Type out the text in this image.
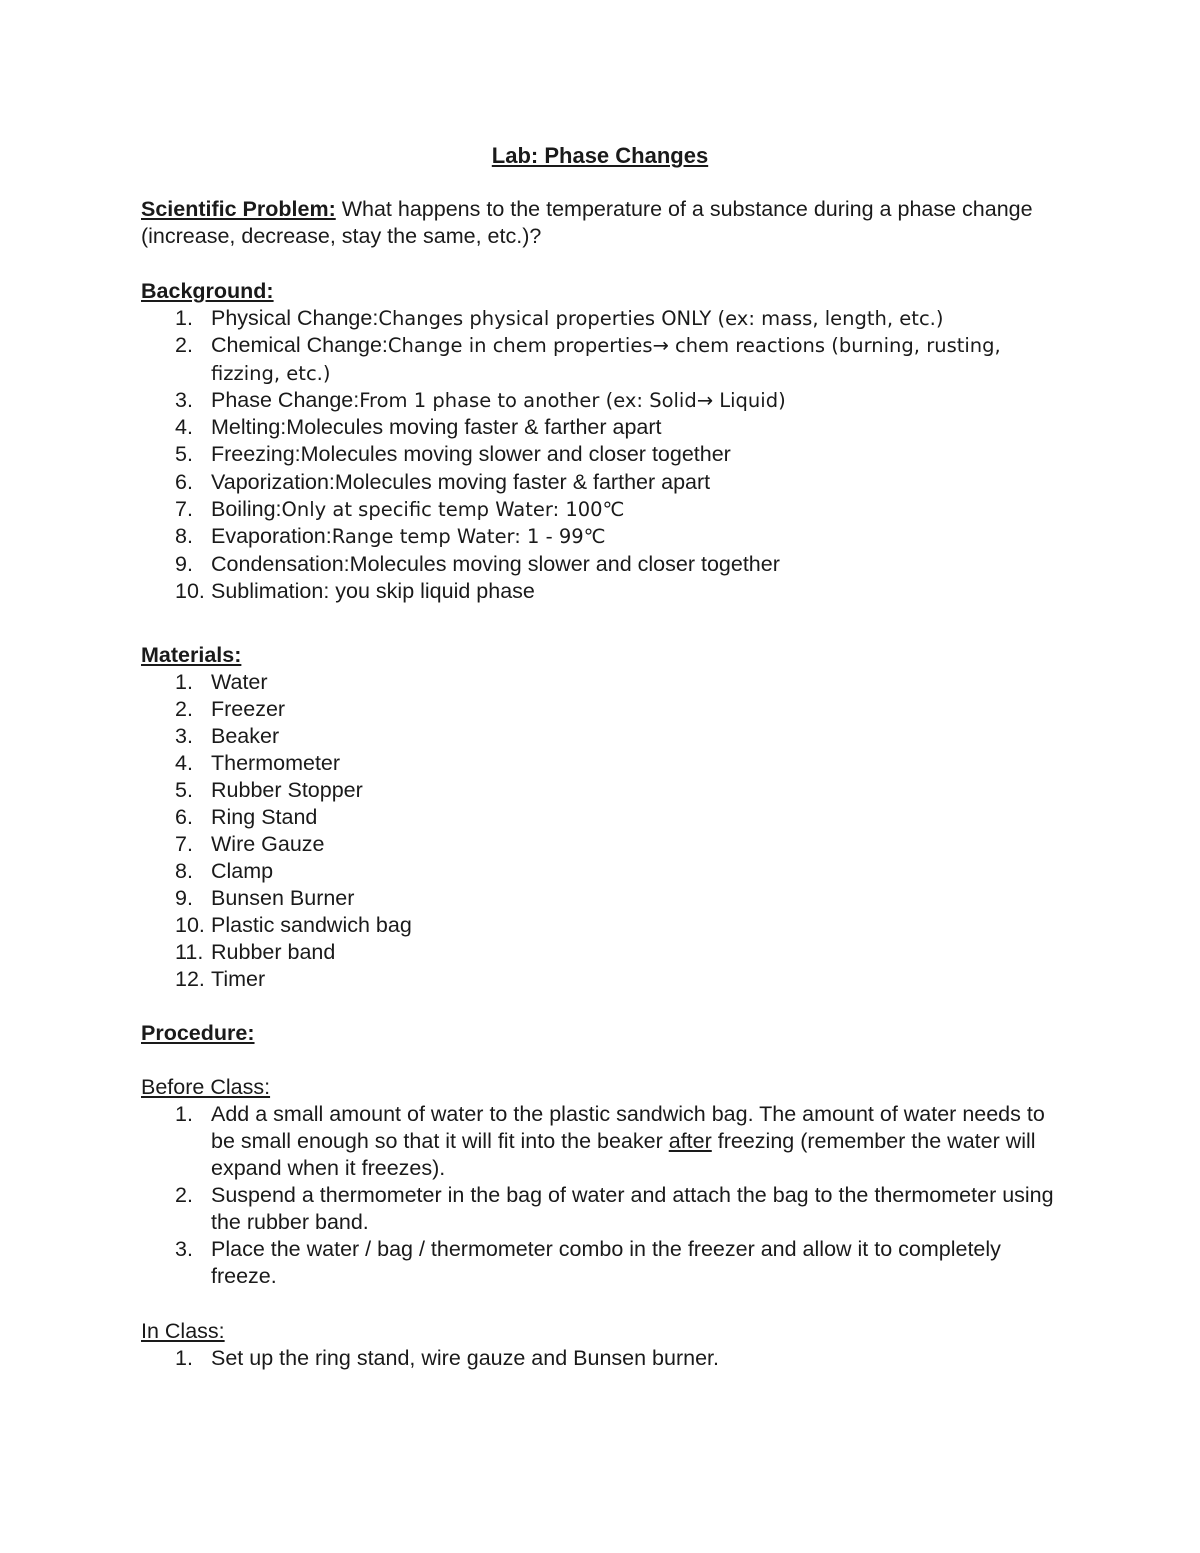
Lab: Phase Changes
Scientific Problem: What happens to the temperature of a substance during a phase change (increase, decrease, stay the same, etc.)?
Background:
1. Physical Change:Changes physical properties ONLY (ex: mass, length, etc.)
2. Chemical Change:Change in chem properties→ chem reactions (burning, rusting, fizzing, etc.)
3. Phase Change:From 1 phase to another (ex: Solid→ Liquid)
4. Melting:Molecules moving faster & farther apart
5. Freezing:Molecules moving slower and closer together
6. Vaporization:Molecules moving faster & farther apart
7. Boiling:Only at specific temp Water: 100℃
8. Evaporation:Range temp Water: 1 - 99℃
9. Condensation:Molecules moving slower and closer together
10. Sublimation: you skip liquid phase
Materials:
1. Water
2. Freezer
3. Beaker
4. Thermometer
5. Rubber Stopper
6. Ring Stand
7. Wire Gauze
8. Clamp
9. Bunsen Burner
10. Plastic sandwich bag
11. Rubber band
12. Timer
Procedure:
Before Class:
1. Add a small amount of water to the plastic sandwich bag. The amount of water needs to be small enough so that it will fit into the beaker after freezing (remember the water will expand when it freezes).
2. Suspend a thermometer in the bag of water and attach the bag to the thermometer using the rubber band.
3. Place the water / bag / thermometer combo in the freezer and allow it to completely freeze.
In Class:
1. Set up the ring stand, wire gauze and Bunsen burner.
